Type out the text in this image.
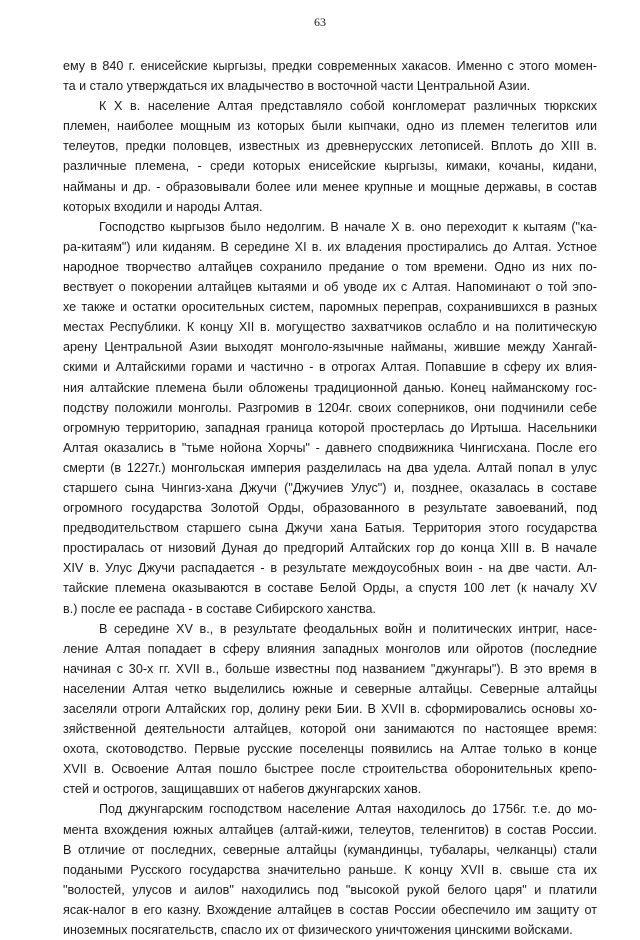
63
ему в 840 г. енисейские кыргызы, предки современных хакасов. Именно с этого момен-
та и стало утверждаться их владычество в восточной части Центральной Азии.
К X в. население Алтая представляло собой конгломерат различных тюркских
племен, наиболее мощным из которых были кыпчаки, одно из племен телегитов или
телеутов, предки половцев, известных из древнерусских летописей. Вплоть до XIII в.
различные племена, - среди которых енисейские кыргызы, кимаки, кочаны, кидани,
найманы и др. - образовывали более или менее крупные и мощные державы, в состав
которых входили и народы Алтая.
Господство кыргызов было недолгим. В начале X в. оно переходит к кытаям ("ка-
ра-китаям") или киданям. В середине XI в. их владения простирались до Алтая. Устное
народное творчество алтайцев сохранило предание о том времени. Одно из них по-
вествует о покорении алтайцев кытаями и об уводе их с Алтая. Напоминают о той эпо-
хе также и остатки оросительных систем, паромных переправ, сохранившихся в разных
местах Республики. К концу XII в. могущество захватчиков ослабло и на политическую
арену Центральной Азии выходят монголо-язычные найманы, жившие между Хангай-
скими и Алтайскими горами и частично - в отрогах Алтая. Попавшие в сферу их влия-
ния алтайские племена были обложены традиционной данью. Конец найманскому гос-
подству положили монголы. Разгромив в 1204г. своих соперников, они подчинили себе
огромную территорию, западная граница которой простерлась до Иртыша. Насельники
Алтая оказались в "тьме нойона Хорчы" - давнего сподвижника Чингисхана. После его
смерти (в 1227г.) монгольская империя разделилась на два удела. Алтай попал в улус
старшего сына Чингиз-хана Джучи ("Джучиев Улус") и, позднее, оказалась в составе
огромного государства Золотой Орды, образованного в результате завоеваний, под
предводительством старшего сына Джучи хана Батыя. Территория этого государства
простиралась от низовий Дуная до предгорий Алтайских гор до конца XIII в. В начале
XIV в. Улус Джучи распадается - в результате междоусобных воин - на две части. Ал-
тайские племена оказываются в составе Белой Орды, а спустя 100 лет (к началу XV
в.) после ее распада - в составе Сибирского ханства.
В середине XV в., в результате феодальных войн и политических интриг, насе-
ление Алтая попадает в сферу влияния западных монголов или ойротов (последние
начиная с 30-х гг. XVII в., больше известны под названием "джунгары"). В это время в
населении Алтая четко выделились южные и северные алтайцы. Северные алтайцы
заселяли отроги Алтайских гор, долину реки Бии. В XVII в. сформировались основы хо-
зяйственной деятельности алтайцев, которой они занимаются по настоящее время:
охота, скотоводство. Первые русские поселенцы появились на Алтае только в конце
XVII в. Освоение Алтая пошло быстрее после строительства оборонительных крепо-
стей и острогов, защищавших от набегов джунгарских ханов.
Под джунгарским господством население Алтая находилось до 1756г. т.е. до мо-
мента вхождения южных алтайцев (алтай-кижи, телеутов, теленгитов) в состав России.
В отличие от последних, северные алтайцы (кумандинцы, тубалары, челканцы) стали
подаными Русского государства значительно раньше. К концу XVII в. свыше ста их
"волостей, улусов и аилов" находились под "высокой рукой белого царя" и платили
ясак-налог в его казну. Вхождение алтайцев в состав России обеспечило им защиту от
иноземных посягательств, спасло их от физического уничтожения цинскими войсками.
